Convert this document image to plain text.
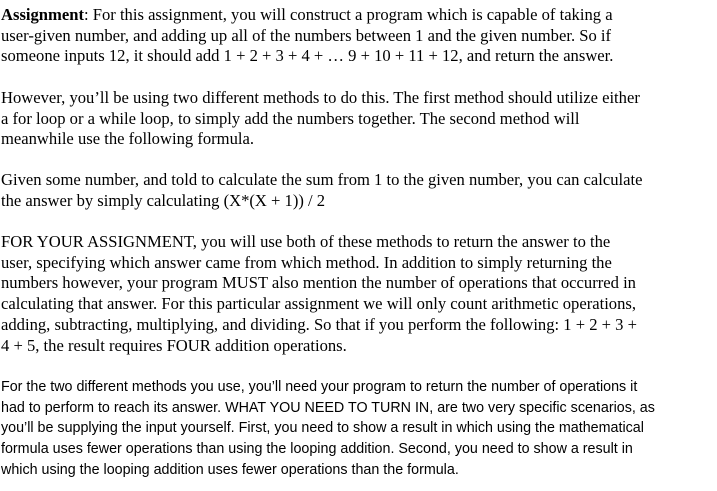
Assignment: For this assignment, you will construct a program which is capable of taking a
user-given number, and adding up all of the numbers between 1 and the given number. So if
someone inputs 12, it should add 1 + 2 + 3 + 4 + … 9 + 10 + 11 + 12, and return the answer.
However, you’ll be using two different methods to do this. The first method should utilize either
a for loop or a while loop, to simply add the numbers together. The second method will
meanwhile use the following formula.
Given some number, and told to calculate the sum from 1 to the given number, you can calculate
the answer by simply calculating (X*(X + 1)) / 2
FOR YOUR ASSIGNMENT, you will use both of these methods to return the answer to the
user, specifying which answer came from which method. In addition to simply returning the
numbers however, your program MUST also mention the number of operations that occurred in
calculating that answer. For this particular assignment we will only count arithmetic operations,
adding, subtracting, multiplying, and dividing. So that if you perform the following: 1 + 2 + 3 +
4 + 5, the result requires FOUR addition operations.
For the two different methods you use, you’ll need your program to return the number of operations it
had to perform to reach its answer. WHAT YOU NEED TO TURN IN, are two very specific scenarios, as
you’ll be supplying the input yourself. First, you need to show a result in which using the mathematical
formula uses fewer operations than using the looping addition. Second, you need to show a result in
which using the looping addition uses fewer operations than the formula.
